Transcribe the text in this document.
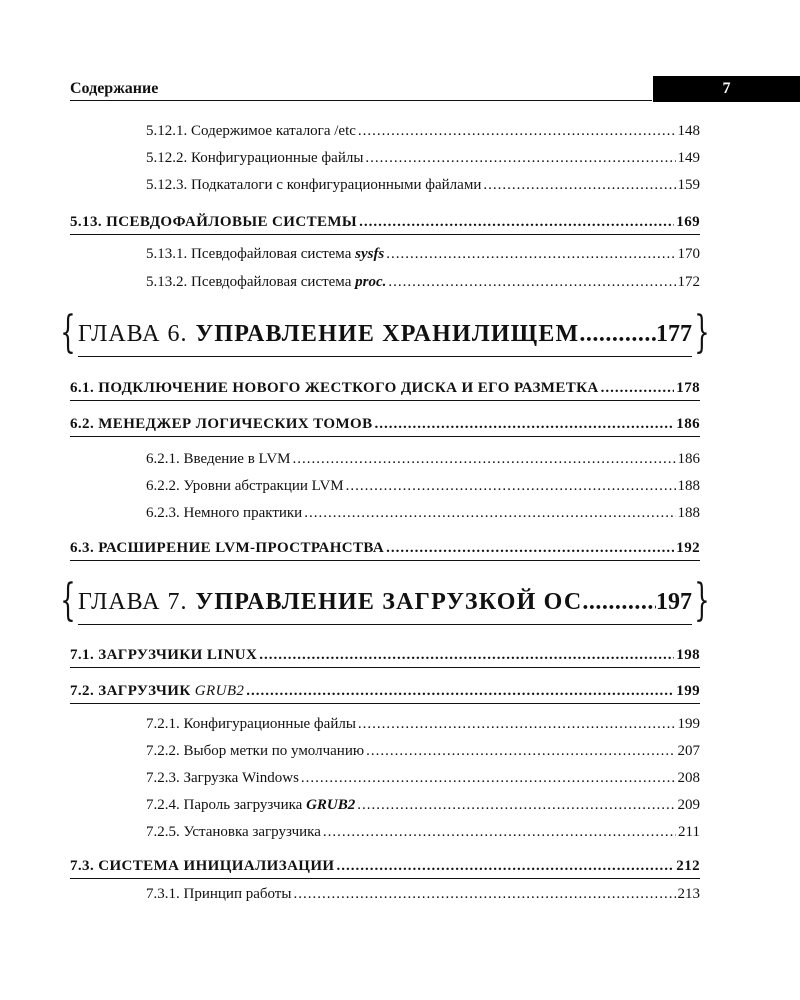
Содержание	7
5.12.1. Содержимое каталога /etc .....	148
5.12.2. Конфигурационные файлы .....	149
5.12.3. Подкаталоги с конфигурационными файлами .....	159
5.13. ПСЕВДОФАЙЛОВЫЕ СИСТЕМЫ .....	169
5.13.1. Псевдофайловая система sysfs .....	170
5.13.2. Псевдофайловая система proc. .....	172
{ ГЛАВА 6. УПРАВЛЕНИЕ ХРАНИЛИЩЕМ .....	177 }
6.1. ПОДКЛЮЧЕНИЕ НОВОГО ЖЕСТКОГО ДИСКА И ЕГО РАЗМЕТКА .....	178
6.2. МЕНЕДЖЕР ЛОГИЧЕСКИХ ТОМОВ .....	186
6.2.1. Введение в LVM .....	186
6.2.2. Уровни абстракции LVM .....	188
6.2.3. Немного практики .....	188
6.3. РАСШИРЕНИЕ LVM-ПРОСТРАНСТВА .....	192
{ ГЛАВА 7. УПРАВЛЕНИЕ ЗАГРУЗКОЙ ОС .....	197 }
7.1. ЗАГРУЗЧИКИ LINUX .....	198
7.2. ЗАГРУЗЧИК GRUB2 .....	199
7.2.1. Конфигурационные файлы .....	199
7.2.2. Выбор метки по умолчанию .....	207
7.2.3. Загрузка Windows .....	208
7.2.4. Пароль загрузчика GRUB2 .....	209
7.2.5. Установка загрузчика .....	211
7.3. СИСТЕМА ИНИЦИАЛИЗАЦИИ .....	212
7.3.1. Принцип работы .....	213
